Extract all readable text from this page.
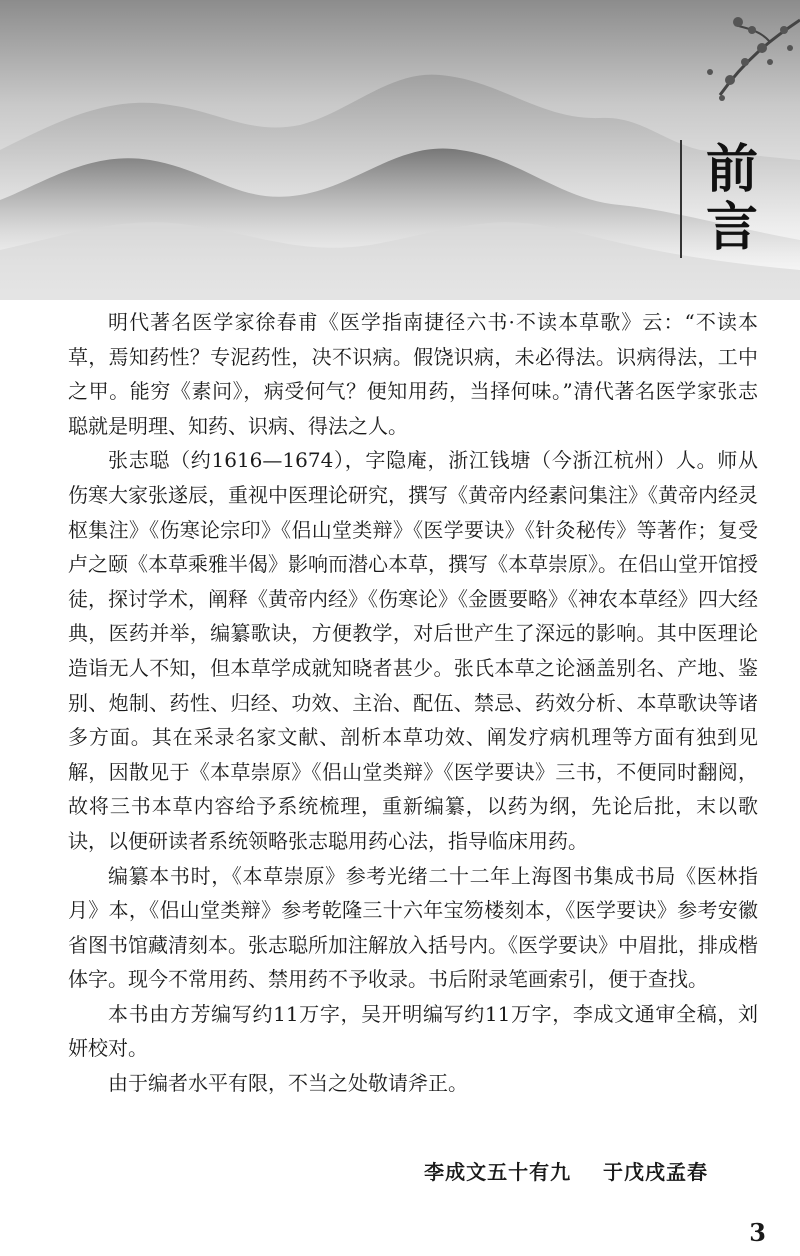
前
言

明代著名医学家徐春甫《医学指南捷径六书·不读本草歌》云：“不读本草，焉知药性？专泥药性，决不识病。假饶识病，未必得法。识病得法，工中之甲。能穷《素问》，病受何气？便知用药，当择何味。”清代著名医学家张志聪就是明理、知药、识病、得法之人。

张志聪（约1616—1674），字隐庵，浙江钱塘（今浙江杭州）人。师从伤寒大家张遂辰，重视中医理论研究，撰写《黄帝内经素问集注》《黄帝内经灵枢集注》《伤寒论宗印》《侣山堂类辩》《医学要诀》《针灸秘传》等著作；复受卢之颐《本草乘雅半偈》影响而潜心本草，撰写《本草崇原》。在侣山堂开馆授徒，探讨学术，阐释《黄帝内经》《伤寒论》《金匮要略》《神农本草经》四大经典，医药并举，编纂歌诀，方便教学，对后世产生了深远的影响。其中医理论造诣无人不知，但本草学成就知晓者甚少。张氏本草之论涵盖别名、产地、鉴别、炮制、药性、归经、功效、主治、配伍、禁忌、药效分析、本草歌诀等诸多方面。其在采录名家文献、剖析本草功效、阐发疗病机理等方面有独到见解，因散见于《本草崇原》《侣山堂类辩》《医学要诀》三书，不便同时翻阅，故将三书本草内容给予系统梳理，重新编纂，以药为纲，先论后批，末以歌诀，以便研读者系统领略张志聪用药心法，指导临床用药。

编纂本书时，《本草崇原》参考光绪二十二年上海图书集成书局《医林指月》本，《侣山堂类辩》参考乾隆三十六年宝笏楼刻本，《医学要诀》参考安徽省图书馆藏清刻本。张志聪所加注解放入括号内。《医学要诀》中眉批，排成楷体字。现今不常用药、禁用药不予收录。书后附录笔画索引，便于查找。

本书由方芳编写约11万字，吴开明编写约11万字，李成文通审全稿，刘妍校对。

由于编者水平有限，不当之处敬请斧正。

李成文五十有九    于戊戌孟春
3
